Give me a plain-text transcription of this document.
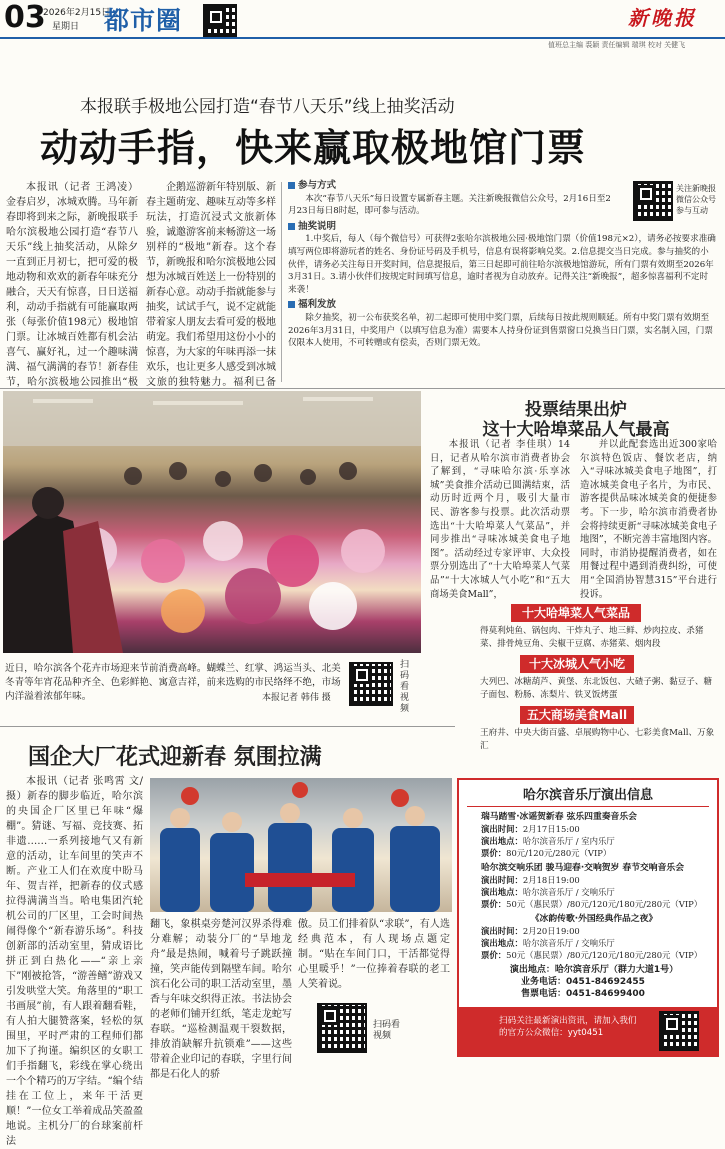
03
2026年2月15日
星期日 都市圈	新晚报
值班总主编 裘颖 责任编辑 瑞琪 校对 关健飞
本报联手极地公园打造“春节八天乐”线上抽奖活动
动动手指，快来赢取极地馆门票

本报讯（记者 王鸿凌）金春启岁，冰城欢腾。马年新春即将到来之际，新晚报联手哈尔滨极地公园打造“春节八天乐”线上抽奖活动，从除夕一直到正月初七，把可爱的极地动物和欢欢的新春年味充分融合，天天有惊喜，日日送福利，动动手指就有可能赢取两张（每张价值198元）极地馆门票。让冰城百姓都有机会沾喜气、赢好礼，过一个趣味满满、福气满满的春节！新春佳节，哈尔滨极地公园推出“极

企鹅巡游新年特别版、新春主题萌宠、趣味互动等多样玩法，打造沉浸式文旅新体验，诚邀游客前来畅游这一场别样的“极地”新春。这个春节，新晚报和哈尔滨极地公园想为冰城百姓送上一份特别的新春心意。动动手指就能参与抽奖，试试手气，说不定就能带着家人朋友去看可爱的极地萌宠。我们希望用这份小小的惊喜，为大家的年味再添一抹欢乐，也让更多人感受到冰城文旅的独特魅力。福利已备

参与方式
本次“春节八天乐”每日设置专属新春主题。关注新晚报微信公众号，2月16日至2月23日每日8时起，即可参与活动。
抽奖说明
1.中奖后，每人（每个微信号）可获得2张哈尔滨极地公园·极地馆门票（价值198元×2），请务必按要求准确填写两位即将游玩者的姓名、身份证号码及手机号，信息有误将影响兑奖。2.信息提交当日完成。参与抽奖的小伙伴，请务必关注每日开奖时间，信息提报后，第三日起即可前往哈尔滨极地馆游玩，所有门票有效期至2026年3月31日。3.请小伙伴们按规定时间填写信息，逾时者视为自动放弃。记得关注“新晚报”，超多惊喜福利不定时来袭！
福利发放
除夕抽奖，初一公布获奖名单，初二起即可使用中奖门票，后续每日按此规则顺延。所有中奖门票有效期至2026年3月31日，中奖用户（以填写信息为准）需要本人持身份证到售票窗口兑换当日门票，实名制入园，门票仅限本人使用，不可转赠或有偿卖，否则门票无效。
关注新晚报微信公众号参与互动
近日，哈尔滨各个花卉市场迎来节前消费高峰。蝴蝶兰、红掌、鸿运当头、北美冬青等年宵花品种齐全、色彩鲜艳、寓意吉祥，前来选购的市民络绎不绝，市场内洋溢着浓郁年味。	本报记者 韩伟 摄
扫码看视频
投票结果出炉
这十大哈埠菜品人气最高

本报讯（记者 李佳琪）14日，记者从哈尔滨市消费者协会了解到，“寻味哈尔滨·乐享冰城”美食推介活动已圆满结束，活动历时近两个月，吸引大量市民、游客参与投票。此次活动票选出“十大哈埠菜人气菜品”，并同步推出“寻味冰城美食电子地图”。活动经过专家评审、大众投票分别选出了“十大哈埠菜人气菜品”“十大冰城人气小吃”和“五大商场美食Mall”，

并以此配套选出近300家哈尔滨特色饭店、餐饮老店，纳入“寻味冰城美食电子地图”，打造冰城美食电子名片，为市民、游客提供品味冰城美食的便捷参考。下一步，哈尔滨市消费者协会将持续更新“寻味冰城美食电子地图”，不断完善丰富地图内容。同时，市消协提醒消费者，如在用餐过程中遇到消费纠纷，可使用“全国消协智慧315”平台进行投诉。

十大哈埠菜人气菜品
得莫利炖鱼、锅包肉、干炸丸子、地三鲜、炒肉拉皮、杀猪菜、排骨炖豆角、尖椒干豆腐、赤猪菜、烟肉段
十大冰城人气小吃
大列巴、冰糖葫芦、黄堡、东北饭包、大碴子粥、黏豆子、糖子面包、粉肠、冻梨片、铁叉饭烤蛋
五大商场美食Mall
王府井、中央大街百盛、卓展购物中心、七彩美食Mall、万象汇
国企大厂花式迎新春 氛围拉满

本报讯（记者 张鸣霄 文/摄）新春的脚步临近，哈尔滨的央国企厂区里已年味“爆棚”。猜谜、写福、竞技赛、拓非遗……一系列接地气又有新意的活动，让车间里的笑声不断。产业工人们在欢度中盼马年、贺吉祥，把新春的仪式感拉得满满当当。哈电集团汽轮机公司的厂区里，工会时间热闹得像个“新春游乐场”。科技创新部的活动室里，猜成语比拼正到白热化——“亲上亲下”刚被抢答，“游善鳝”游戏又引发哄堂大笑。角落里的“职工书画展”前，有人跟着翻看鞋，有人拍大腿赞落案，轻松的氛围里，平时严肃的工程师们都加下了拘谨。编织区的女职工们手指翻飞，彩线在掌心绕出一个个精巧的万字结。“编个结挂在工位上，来年干活更顺！”一位女工举着成品笑盈盈地说。主机分厂的台球案前杆法

翻飞，象棋桌旁楚河汉界杀得难分难解；动装分厂的“旱地龙舟”最是热闹，喊着号子跳跃撞撞，笑声能传到隔壁车间。哈尔滨石化公司的职工活动室里，墨香与年味交织得正浓。书法协会的老师们铺开红纸，笔走龙蛇写春联。“巡检测温观干裂数据，排放消缺解升抗锁难”——这些带着企业印记的春联，字里行间都是石化人的骄

傲。员工们排着队“求联”，有人选经典范本，有人现场点题定制。“贴在车间门口，干活都觉得心里暖乎！”一位捧着春联的老工人笑着说。

扫码看视频
哈尔滨音乐厅演出信息
瑞马踏雪·冰谣贺新春 弦乐四重奏音乐会
演出时间：2月17日15:00
演出地点：哈尔滨音乐厅 / 室内乐厅
票价：80元/120元/280元（VIP）
哈尔滨交响乐团 骏马迎春·交响贺岁 春节交响音乐会
演出时间：2月18日19:00
演出地点：哈尔滨音乐厅 / 交响乐厅
票价：50元（惠民票）/80元/120元/180元/280元（VIP）
《冰韵传歌·外国经典作品之夜》
演出时间：2月20日19:00
演出地点：哈尔滨音乐厅 / 交响乐厅
票价：50元（惠民票）/80元/120元/180元/280元（VIP）
演出地点：哈尔滨音乐厅（群力大道1号）
业务电话：0451-84692455
售票电话：0451-84699400
扫码关注最新演出资讯，请加入我们的官方公众微信：yyt0451
